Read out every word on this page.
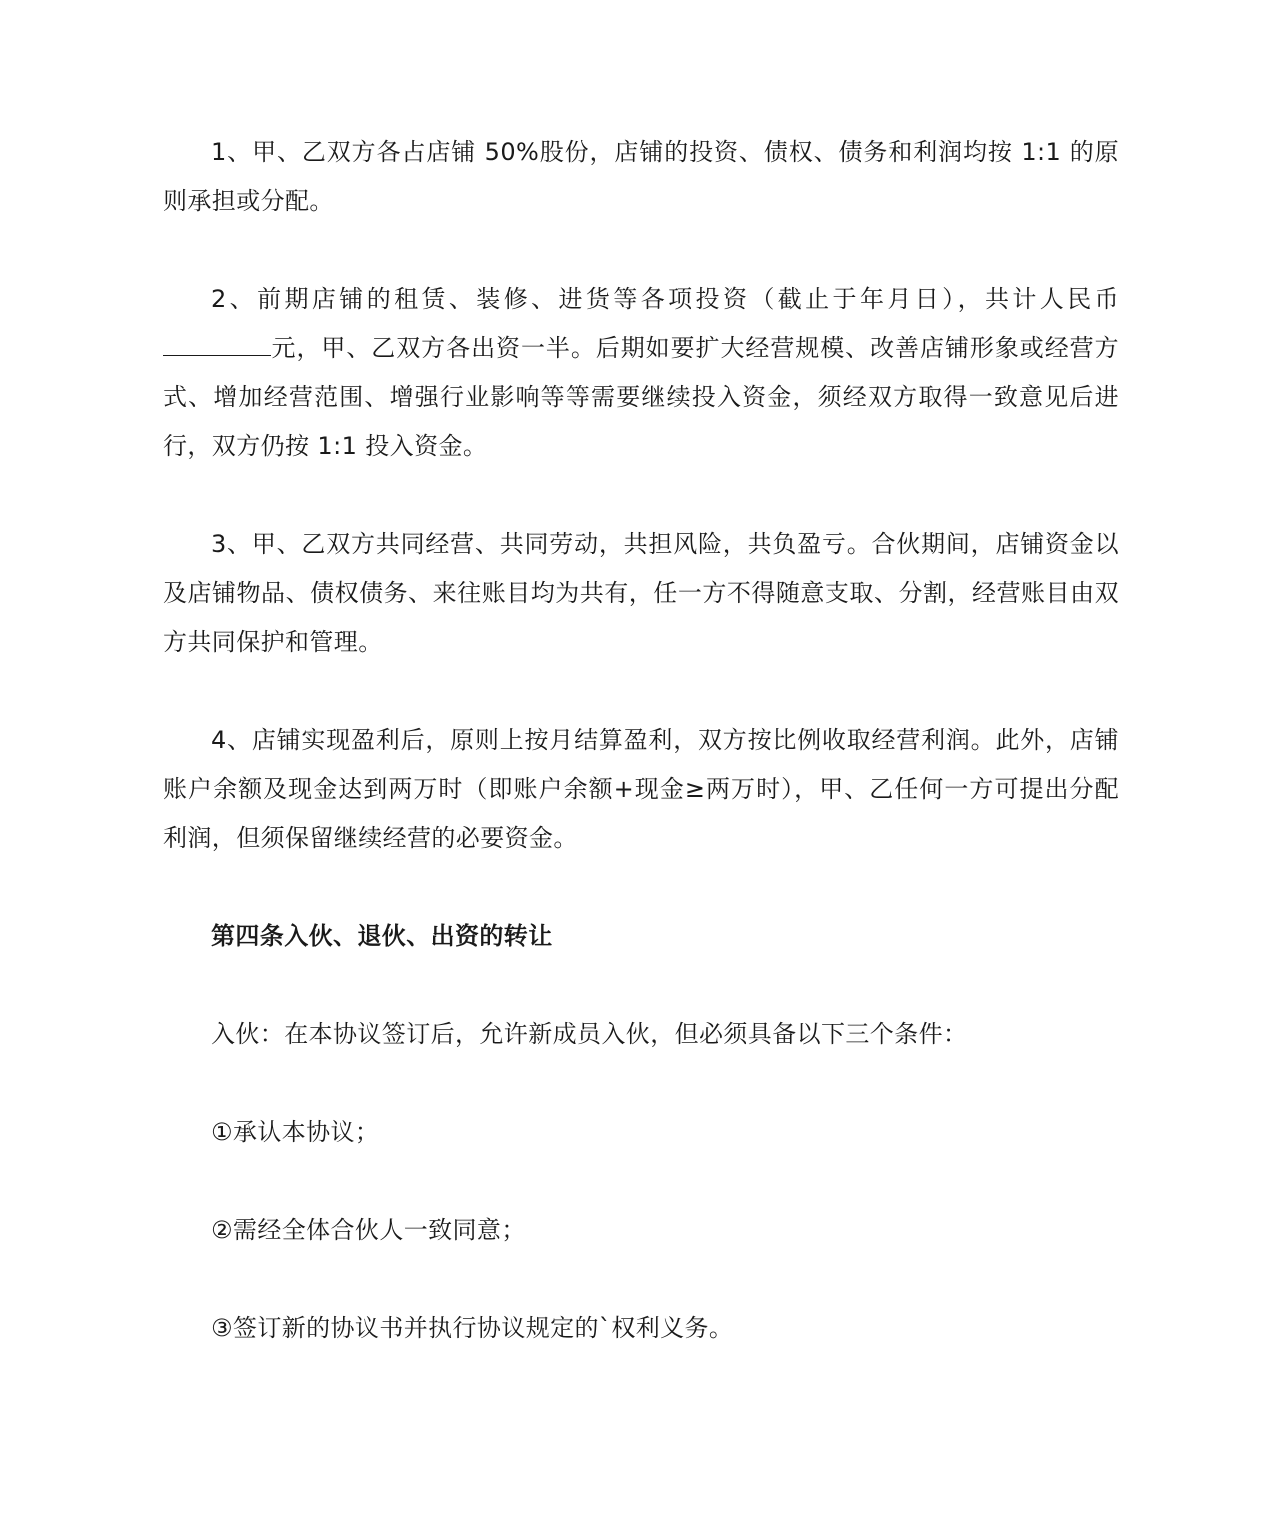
1、甲、乙双方各占店铺 50%股份，店铺的投资、债权、债务和利润均按 1:1 的原则承担或分配。

2、前期店铺的租赁、装修、进货等各项投资（截止于年月日），共计人民币元，甲、乙双方各出资一半。后期如要扩大经营规模、改善店铺形象或经营方式、增加经营范围、增强行业影响等等需要继续投入资金，须经双方取得一致意见后进行，双方仍按 1:1 投入资金。

3、甲、乙双方共同经营、共同劳动，共担风险，共负盈亏。合伙期间，店铺资金以及店铺物品、债权债务、来往账目均为共有，任一方不得随意支取、分割，经营账目由双方共同保护和管理。

4、店铺实现盈利后，原则上按月结算盈利，双方按比例收取经营利润。此外，店铺账户余额及现金达到两万时（即账户余额+现金≥两万时），甲、乙任何一方可提出分配利润，但须保留继续经营的必要资金。

第四条入伙、退伙、出资的转让

入伙：在本协议签订后，允许新成员入伙，但必须具备以下三个条件：

①承认本协议；

②需经全体合伙人一致同意；

③签订新的协议书并执行协议规定的`权利义务。
